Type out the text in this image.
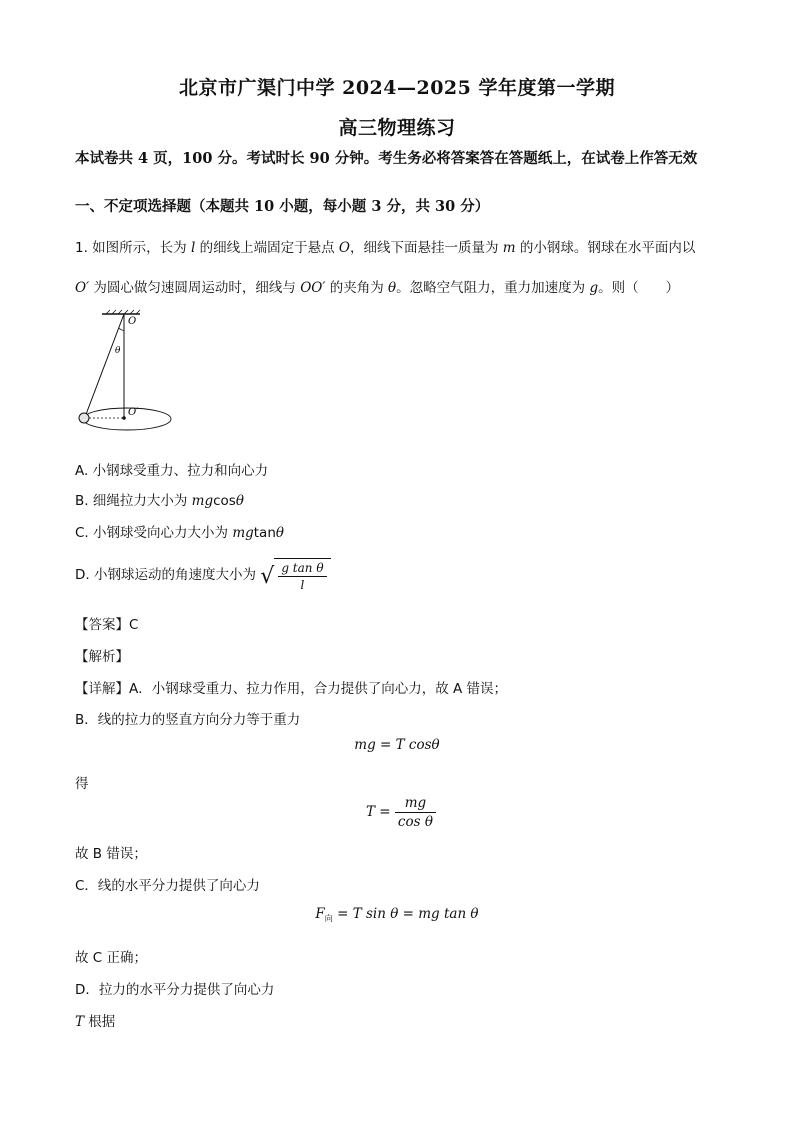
北京市广渠门中学 2024—2025 学年度第一学期
高三物理练习
本试卷共 4 页，100 分。考试时长 90 分钟。考生务必将答案答在答题纸上，在试卷上作答无效
一、不定项选择题（本题共 10 小题，每小题 3 分，共 30 分）
1. 如图所示，长为 l 的细线上端固定于悬点 O，细线下面悬挂一质量为 m 的小钢球。钢球在水平面内以
O′ 为圆心做匀速圆周运动时，细线与 OO′ 的夹角为 θ。忽略空气阻力，重力加速度为 g。则（　　）
O
θ
O′
A. 小钢球受重力、拉力和向心力
B. 细绳拉力大小为 mgcosθ
C. 小钢球受向心力大小为 mgtanθ
D. 小钢球运动的角速度大小为 √ $\frac{\text{g tan θ}}{l}$
【答案】C
【解析】
【详解】A．小钢球受重力、拉力作用，合力提供了向心力，故 A 错误；
B．线的拉力的竖直方向分力等于重力
mg = T cosθ
得
$T = \frac{mg}{\text{cos θ}}$
故 B 错误；
C．线的水平分力提供了向心力
$F_向 = T$ sin θ = mg tan θ
故 C 正确；
D．拉力的水平分力提供了向心力
T 根据
